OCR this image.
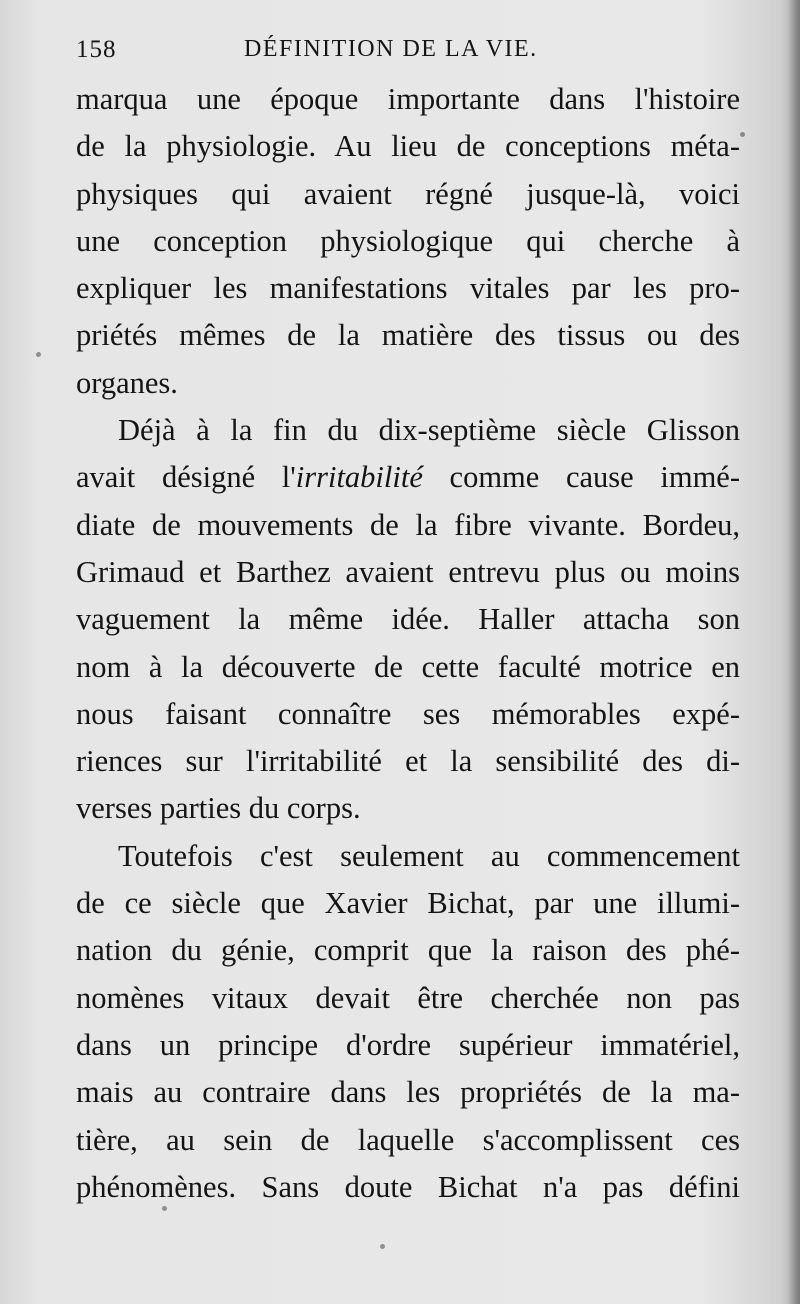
158	DÉFINITION DE LA VIE.
marqua une époque importante dans l'histoire
de la physiologie. Au lieu de conceptions méta-
physiques qui avaient régné jusque-là, voici
une conception physiologique qui cherche à
expliquer les manifestations vitales par les pro-
priétés mêmes de la matière des tissus ou des
organes.
Déjà à la fin du dix-septième siècle Glisson
avait désigné l'irritabilité comme cause immé-
diate de mouvements de la fibre vivante. Bordeu,
Grimaud et Barthez avaient entrevu plus ou moins
vaguement la même idée. Haller attacha son
nom à la découverte de cette faculté motrice en
nous faisant connaître ses mémorables expé-
riences sur l'irritabilité et la sensibilité des di-
verses parties du corps.
Toutefois c'est seulement au commencement
de ce siècle que Xavier Bichat, par une illumi-
nation du génie, comprit que la raison des phé-
nomènes vitaux devait être cherchée non pas
dans un principe d'ordre supérieur immatériel,
mais au contraire dans les propriétés de la ma-
tière, au sein de laquelle s'accomplissent ces
phénomènes. Sans doute Bichat n'a pas défini
